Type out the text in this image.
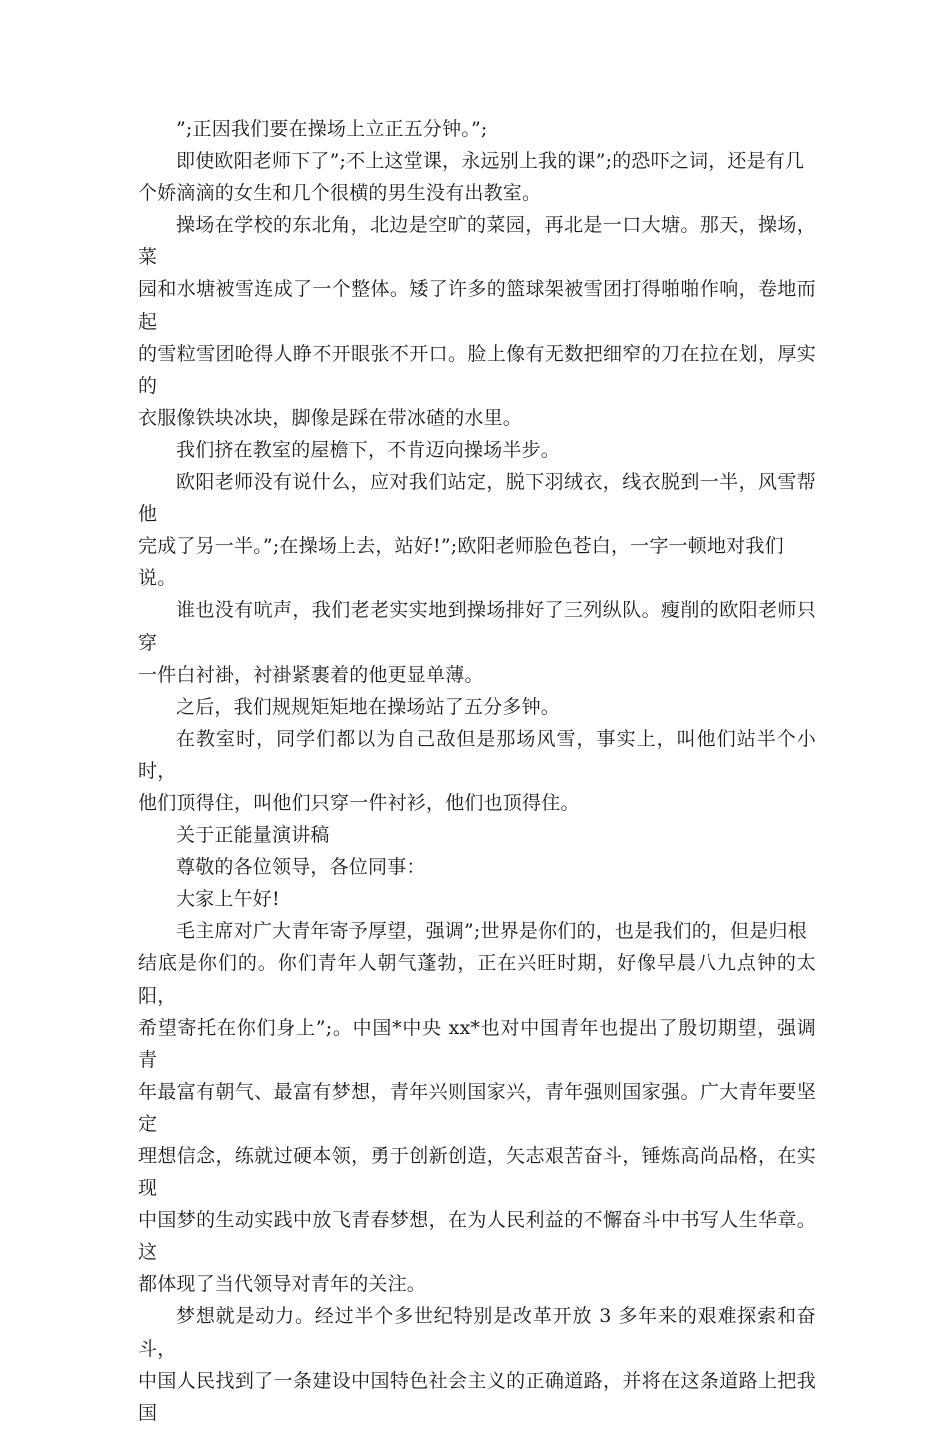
”;正因我们要在操场上立正五分钟。”;

即使欧阳老师下了”;不上这堂课，永远别上我的课”;的恐吓之词，还是有几
个娇滴滴的女生和几个很横的男生没有出教室。

操场在学校的东北角，北边是空旷的菜园，再北是一口大塘。那天，操场，菜
园和水塘被雪连成了一个整体。矮了许多的篮球架被雪团打得啪啪作响，卷地而起
的雪粒雪团呛得人睁不开眼张不开口。脸上像有无数把细窄的刀在拉在划，厚实的
衣服像铁块冰块，脚像是踩在带冰碴的水里。

我们挤在教室的屋檐下，不肯迈向操场半步。

欧阳老师没有说什么，应对我们站定，脱下羽绒衣，线衣脱到一半，风雪帮他
完成了另一半。”;在操场上去，站好!”;欧阳老师脸色苍白，一字一顿地对我们
说。

谁也没有吭声，我们老老实实地到操场排好了三列纵队。瘦削的欧阳老师只穿
一件白衬褂，衬褂紧裹着的他更显单薄。

之后，我们规规矩矩地在操场站了五分多钟。

在教室时，同学们都以为自己敌但是那场风雪，事实上，叫他们站半个小时，
他们顶得住，叫他们只穿一件衬衫，他们也顶得住。

关于正能量演讲稿

尊敬的各位领导，各位同事：

大家上午好!

毛主席对广大青年寄予厚望，强调”;世界是你们的，也是我们的，但是归根
结底是你们的。你们青年人朝气蓬勃，正在兴旺时期，好像早晨八九点钟的太阳，
希望寄托在你们身上”;。中国*中央 xx*也对中国青年也提出了殷切期望，强调青
年最富有朝气、最富有梦想，青年兴则国家兴，青年强则国家强。广大青年要坚定
理想信念，练就过硬本领，勇于创新创造，矢志艰苦奋斗，锤炼高尚品格，在实现
中国梦的生动实践中放飞青春梦想，在为人民利益的不懈奋斗中书写人生华章。这
都体现了当代领导对青年的关注。

梦想就是动力。经过半个多世纪特别是改革开放 3 多年来的艰难探索和奋斗，
中国人民找到了一条建设中国特色社会主义的正确道路，并将在这条道路上把我国
